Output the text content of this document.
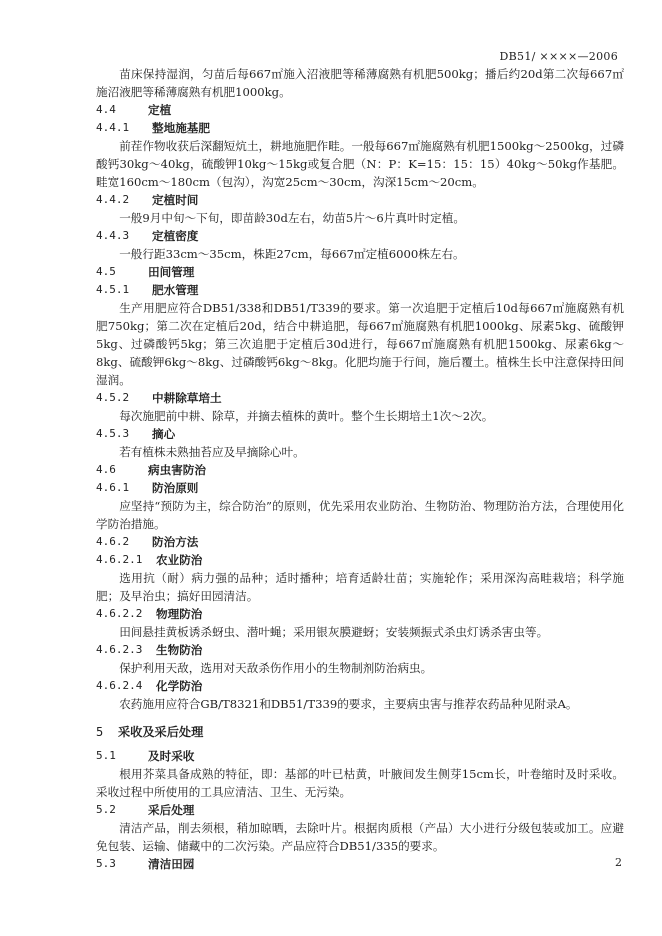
DB51/ ××××—2006

苗床保持湿润，匀苗后每667㎡施入沼液肥等稀薄腐熟有机肥500kg；播后约20d第二次每667㎡施沼液肥等稀薄腐熟有机肥1000kg。

4.4	定植
4.4.1	整地施基肥

前茬作物收获后深翻短炕土，耕地施肥作畦。一般每667㎡施腐熟有机肥1500kg～2500kg，过磷酸钙30kg～40kg，硫酸钾10kg～15kg或复合肥（N：P：K=15：15：15）40kg～50kg作基肥。畦宽160cm～180cm（包沟），沟宽25cm～30cm，沟深15cm～20cm。

4.4.2	定植时间

一般9月中旬～下旬，即苗龄30d左右，幼苗5片～6片真叶时定植。

4.4.3	定植密度

一般行距33cm～35cm，株距27cm，每667㎡定植6000株左右。

4.5	田间管理
4.5.1	肥水管理

生产用肥应符合DB51/338和DB51/T339的要求。第一次追肥于定植后10d每667㎡施腐熟有机肥750kg；第二次在定植后20d，结合中耕追肥，每667㎡施腐熟有机肥1000kg、尿素5kg、硫酸钾5kg、过磷酸钙5kg；第三次追肥于定植后30d进行，每667㎡施腐熟有机肥1500kg、尿素6kg～8kg、硫酸钾6kg～8kg、过磷酸钙6kg～8kg。化肥均施于行间，施后覆土。植株生长中注意保持田间湿润。

4.5.2	中耕除草培土

每次施肥前中耕、除草，并摘去植株的黄叶。整个生长期培土1次～2次。

4.5.3	摘心

若有植株未熟抽苔应及早摘除心叶。

4.6	病虫害防治
4.6.1	防治原则

应坚持“预防为主，综合防治”的原则，优先采用农业防治、生物防治、物理防治方法，合理使用化学防治措施。

4.6.2	防治方法
4.6.2.1	农业防治

选用抗（耐）病力强的品种；适时播种；培育适龄壮苗；实施轮作；采用深沟高畦栽培；科学施肥；及早治虫；搞好田园清洁。

4.6.2.2	物理防治

田间悬挂黄板诱杀蚜虫、潜叶蝇；采用银灰膜避蚜；安装频振式杀虫灯诱杀害虫等。

4.6.2.3	生物防治

保护利用天敌，选用对天敌杀伤作用小的生物制剂防治病虫。

4.6.2.4	化学防治

农药施用应符合GB/T8321和DB51/T339的要求，主要病虫害与推荐农药品种见附录A。

5	采收及采后处理
5.1	及时采收

根用芥菜具备成熟的特征，即：基部的叶已枯黄，叶腋间发生侧芽15cm长，叶卷缩时及时采收。采收过程中所使用的工具应清洁、卫生、无污染。

5.2	采后处理

清洁产品，削去须根，稍加晾晒，去除叶片。根据肉质根（产品）大小进行分级包装或加工。应避免包装、运输、储藏中的二次污染。产品应符合DB51/335的要求。

5.3	清洁田园	2
